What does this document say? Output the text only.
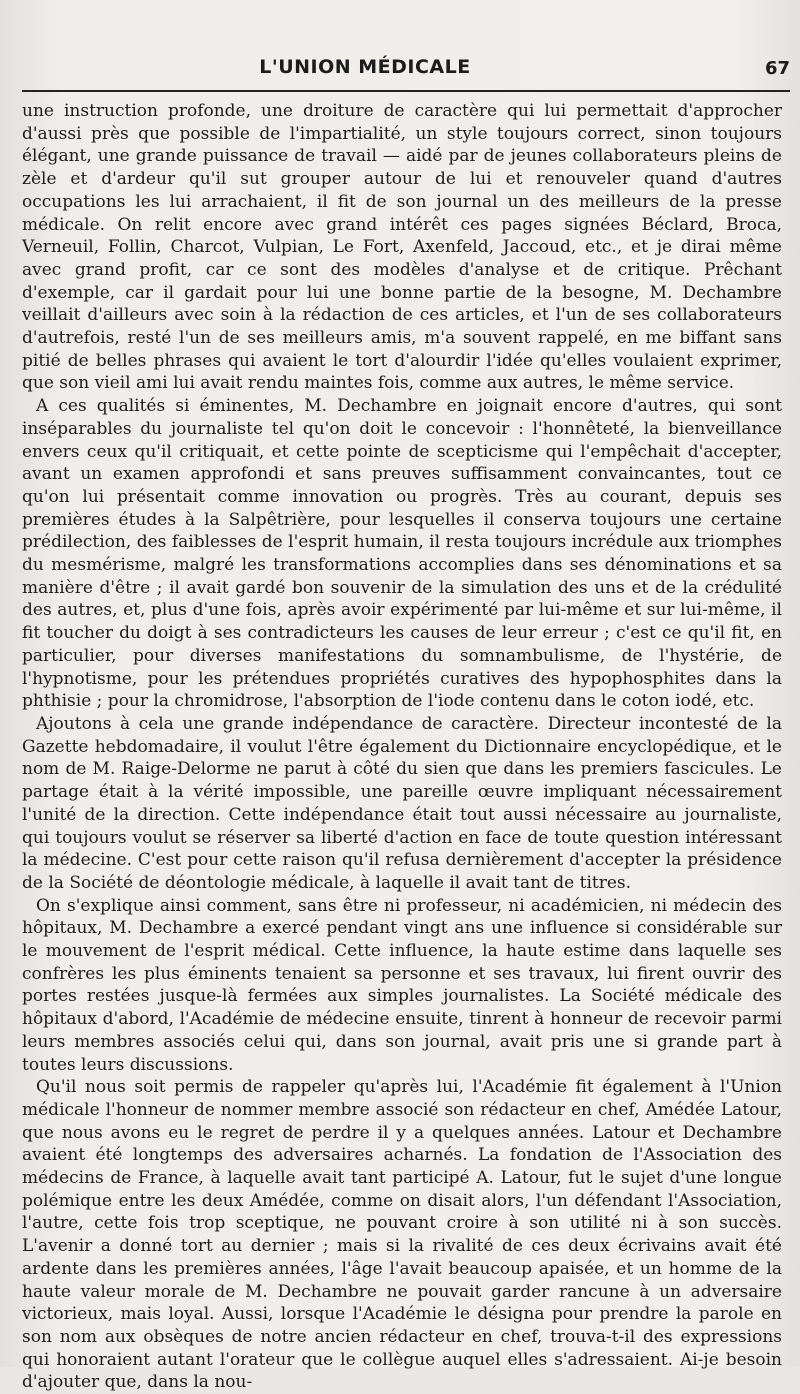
L'UNION MÉDICALE	67

une instruction profonde, une droiture de caractère qui lui permettait d'approcher d'aussi près que possible de l'impartialité, un style toujours correct, sinon toujours élégant, une grande puissance de travail — aidé par de jeunes collaborateurs pleins de zèle et d'ardeur qu'il sut grouper autour de lui et renouveler quand d'autres occupations les lui arrachaient, il fit de son journal un des meilleurs de la presse médicale. On relit encore avec grand intérêt ces pages signées Béclard, Broca, Verneuil, Follin, Charcot, Vulpian, Le Fort, Axenfeld, Jaccoud, etc., et je dirai même avec grand profit, car ce sont des modèles d'analyse et de critique. Prêchant d'exemple, car il gardait pour lui une bonne partie de la besogne, M. Dechambre veillait d'ailleurs avec soin à la rédaction de ces articles, et l'un de ses collaborateurs d'autrefois, resté l'un de ses meilleurs amis, m'a souvent rappelé, en me biffant sans pitié de belles phrases qui avaient le tort d'alourdir l'idée qu'elles voulaient exprimer, que son vieil ami lui avait rendu maintes fois, comme aux autres, le même service.

A ces qualités si éminentes, M. Dechambre en joignait encore d'autres, qui sont inséparables du journaliste tel qu'on doit le concevoir : l'honnêteté, la bienveillance envers ceux qu'il critiquait, et cette pointe de scepticisme qui l'empêchait d'accepter, avant un examen approfondi et sans preuves suffisamment convaincantes, tout ce qu'on lui présentait comme innovation ou progrès. Très au courant, depuis ses premières études à la Salpêtrière, pour lesquelles il conserva toujours une certaine prédilection, des faiblesses de l'esprit humain, il resta toujours incrédule aux triomphes du mesmérisme, malgré les transformations accomplies dans ses dénominations et sa manière d'être ; il avait gardé bon souvenir de la simulation des uns et de la crédulité des autres, et, plus d'une fois, après avoir expérimenté par lui-même et sur lui-même, il fit toucher du doigt à ses contradicteurs les causes de leur erreur ; c'est ce qu'il fit, en particulier, pour diverses manifestations du somnambulisme, de l'hystérie, de l'hypnotisme, pour les prétendues propriétés curatives des hypophosphites dans la phthisie ; pour la chromidrose, l'absorption de l'iode contenu dans le coton iodé, etc.

Ajoutons à cela une grande indépendance de caractère. Directeur incontesté de la Gazette hebdomadaire, il voulut l'être également du Dictionnaire encyclopédique, et le nom de M. Raige-Delorme ne parut à côté du sien que dans les premiers fascicules. Le partage était à la vérité impossible, une pareille œuvre impliquant nécessairement l'unité de la direction. Cette indépendance était tout aussi nécessaire au journaliste, qui toujours voulut se réserver sa liberté d'action en face de toute question intéressant la médecine. C'est pour cette raison qu'il refusa dernièrement d'accepter la présidence de la Société de déontologie médicale, à laquelle il avait tant de titres.

On s'explique ainsi comment, sans être ni professeur, ni académicien, ni médecin des hôpitaux, M. Dechambre a exercé pendant vingt ans une influence si considérable sur le mouvement de l'esprit médical. Cette influence, la haute estime dans laquelle ses confrères les plus éminents tenaient sa personne et ses travaux, lui firent ouvrir des portes restées jusque-là fermées aux simples journalistes. La Société médicale des hôpitaux d'abord, l'Académie de médecine ensuite, tinrent à honneur de recevoir parmi leurs membres associés celui qui, dans son journal, avait pris une si grande part à toutes leurs discussions.

Qu'il nous soit permis de rappeler qu'après lui, l'Académie fit également à l'Union médicale l'honneur de nommer membre associé son rédacteur en chef, Amédée Latour, que nous avons eu le regret de perdre il y a quelques années. Latour et Dechambre avaient été longtemps des adversaires acharnés. La fondation de l'Association des médecins de France, à laquelle avait tant participé A. Latour, fut le sujet d'une longue polémique entre les deux Amédée, comme on disait alors, l'un défendant l'Association, l'autre, cette fois trop sceptique, ne pouvant croire à son utilité ni à son succès. L'avenir a donné tort au dernier ; mais si la rivalité de ces deux écrivains avait été ardente dans les premières années, l'âge l'avait beaucoup apaisée, et un homme de la haute valeur morale de M. Dechambre ne pouvait garder rancune à un adversaire victorieux, mais loyal. Aussi, lorsque l'Académie le désigna pour prendre la parole en son nom aux obsèques de notre ancien rédacteur en chef, trouva-t-il des expressions qui honoraient autant l'orateur que le collègue auquel elles s'adressaient. Ai-je besoin d'ajouter que, dans la nou-
